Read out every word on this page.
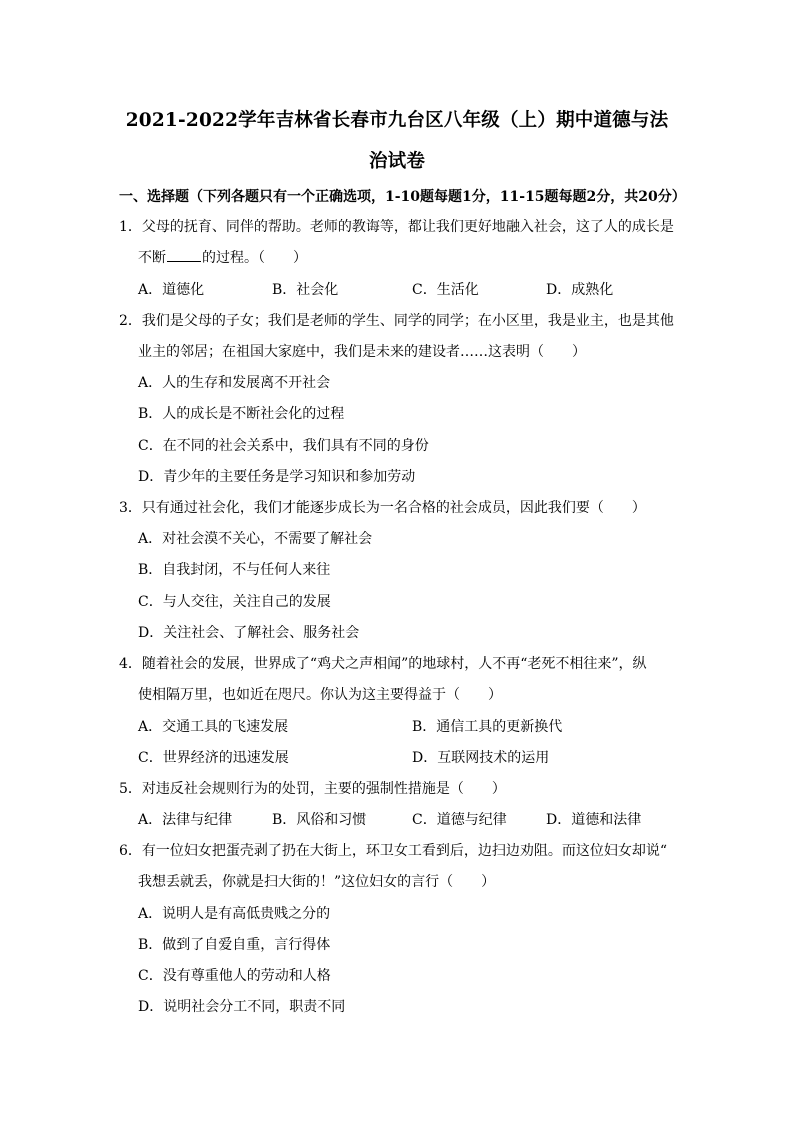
2021-2022学年吉林省长春市九台区八年级（上）期中道德与法
治试卷
一、选择题（下列各题只有一个正确选项，1-10题每题1分，11-15题每题2分，共20分）
1．父母的抚育、同伴的帮助。老师的教诲等，都让我们更好地融入社会，这了人的成长是
不断	的过程。（　　）
A．道德化	B．社会化	C．生活化	D．成熟化
2．我们是父母的子女；我们是老师的学生、同学的同学；在小区里，我是业主，也是其他
业主的邻居；在祖国大家庭中，我们是未来的建设者……这表明（　　）
A．人的生存和发展离不开社会
B．人的成长是不断社会化的过程
C．在不同的社会关系中，我们具有不同的身份
D．青少年的主要任务是学习知识和参加劳动
3．只有通过社会化，我们才能逐步成长为一名合格的社会成员，因此我们要（　　）
A．对社会漠不关心，不需要了解社会
B．自我封闭，不与任何人来往
C．与人交往，关注自己的发展
D．关注社会、了解社会、服务社会
4．随着社会的发展，世界成了“鸡犬之声相闻”的地球村，人不再“老死不相往来”，纵
使相隔万里，也如近在咫尺。你认为这主要得益于（　　）
A．交通工具的飞速发展	B．通信工具的更新换代
C．世界经济的迅速发展	D．互联网技术的运用
5．对违反社会规则行为的处罚，主要的强制性措施是（　　）
A．法律与纪律	B．风俗和习惯	C．道德与纪律	D．道德和法律
6．有一位妇女把蛋壳剥了扔在大街上，环卫女工看到后，边扫边劝阻。而这位妇女却说“
我想丢就丢，你就是扫大街的！”这位妇女的言行（　　）
A．说明人是有高低贵贱之分的
B．做到了自爱自重，言行得体
C．没有尊重他人的劳动和人格
D．说明社会分工不同，职责不同
